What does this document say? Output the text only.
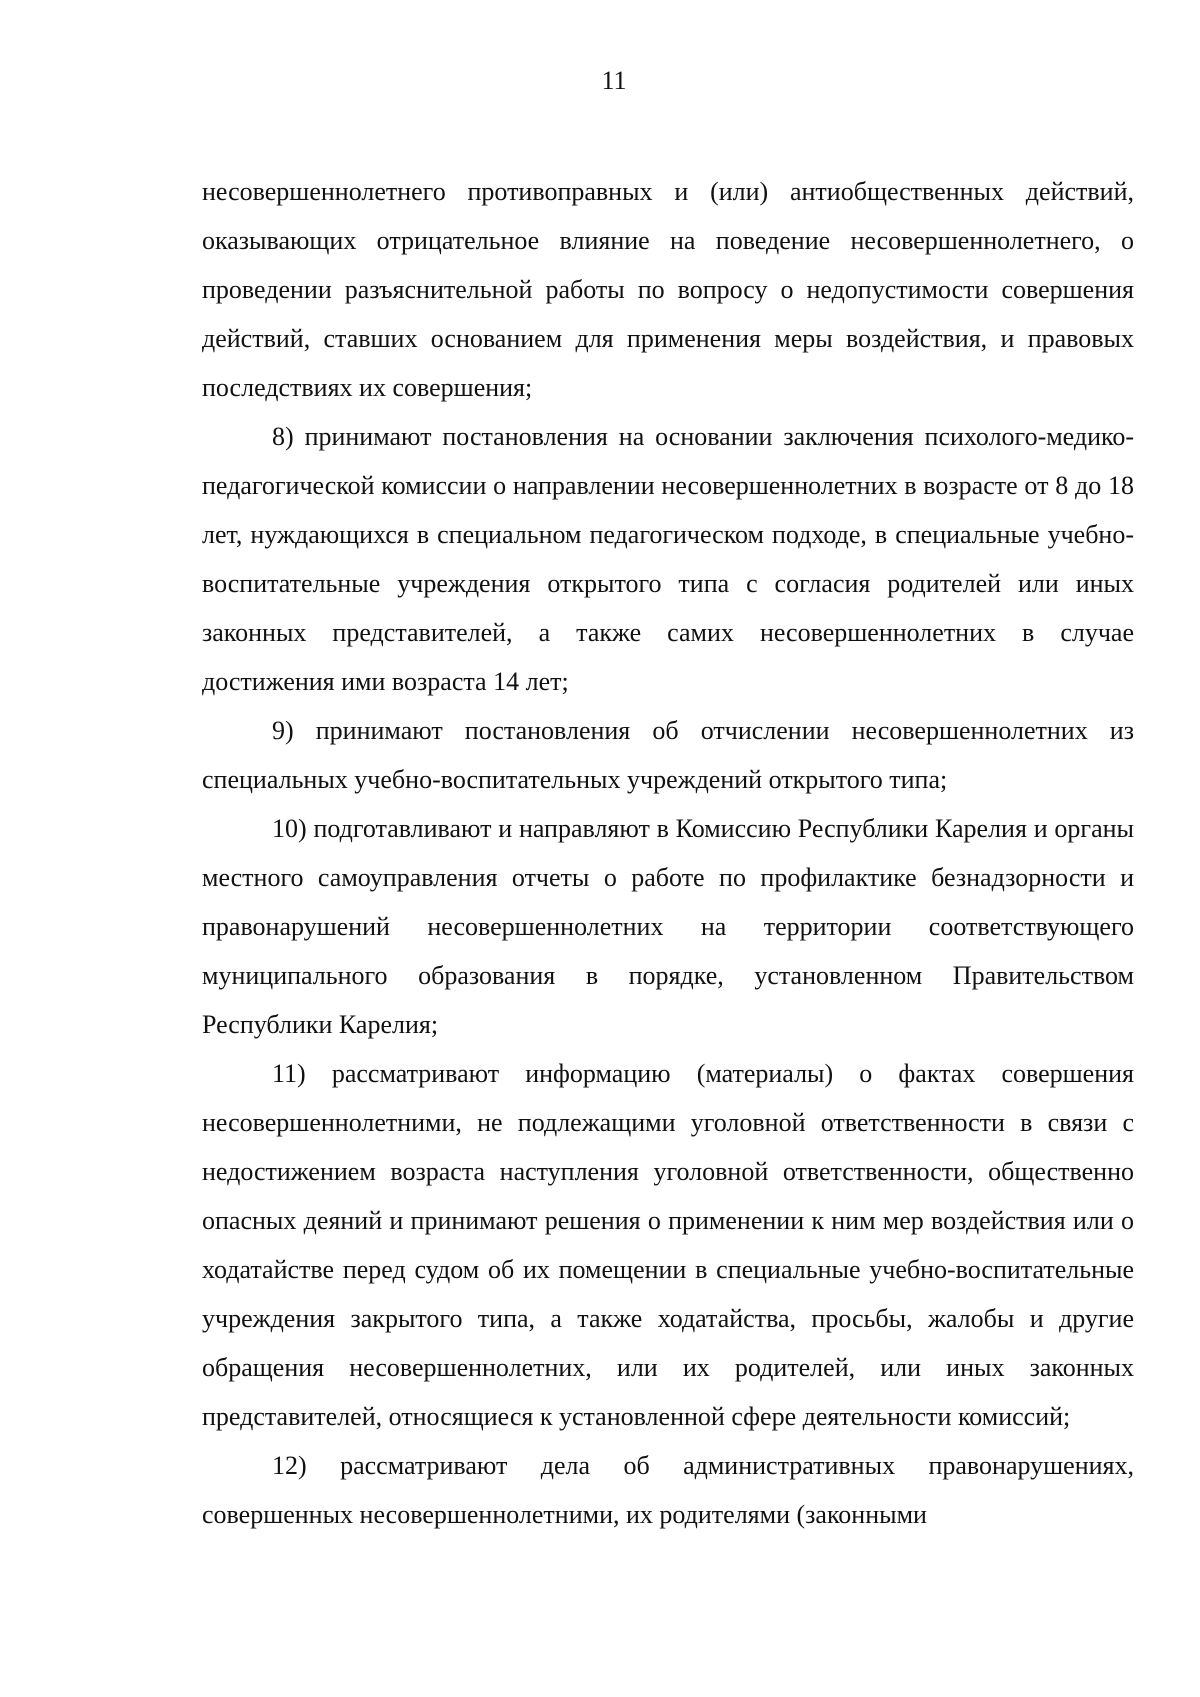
11

несовершеннолетнего противоправных и (или) антиобщественных действий, оказывающих отрицательное влияние на поведение несовершеннолетнего, о проведении разъяснительной работы по вопросу о недопустимости совершения действий, ставших основанием для применения меры воздействия, и правовых последствиях их совершения;

8) принимают постановления на основании заключения психолого-медико-педагогической комиссии о направлении несовершеннолетних в возрасте от 8 до 18 лет, нуждающихся в специальном педагогическом подходе, в специальные учебно-воспитательные учреждения открытого типа с согласия родителей или иных законных представителей, а также самих несовершеннолетних в случае достижения ими возраста 14 лет;

9) принимают постановления об отчислении несовершеннолетних из специальных учебно-воспитательных учреждений открытого типа;

10) подготавливают и направляют в Комиссию Республики Карелия и органы местного самоуправления отчеты о работе по профилактике безнадзорности и правонарушений несовершеннолетних на территории соответствующего муниципального образования в порядке, установленном Правительством Республики Карелия;

11) рассматривают информацию (материалы) о фактах совершения несовершеннолетними, не подлежащими уголовной ответственности в связи с недостижением возраста наступления уголовной ответственности, общественно опасных деяний и принимают решения о применении к ним мер воздействия или о ходатайстве перед судом об их помещении в специальные учебно-воспитательные учреждения закрытого типа, а также ходатайства, просьбы, жалобы и другие обращения несовершеннолетних, или их родителей, или иных законных представителей, относящиеся к установленной сфере деятельности комиссий;

12) рассматривают дела об административных правонарушениях, совершенных несовершеннолетними, их родителями (законными
